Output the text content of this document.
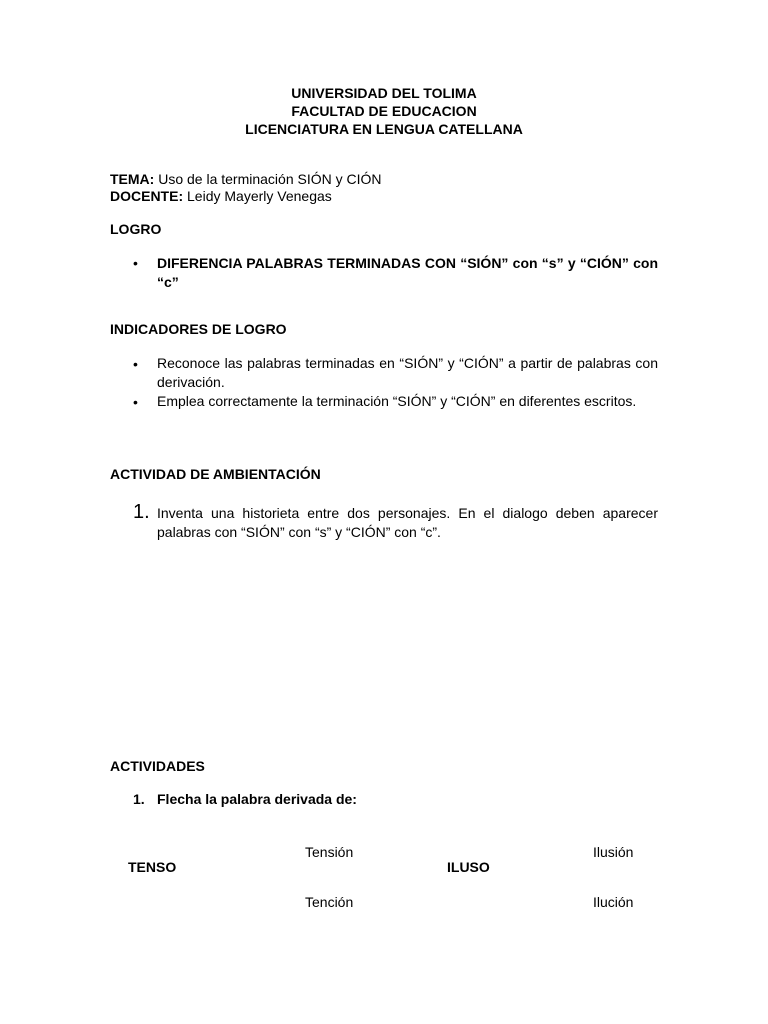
UNIVERSIDAD DEL TOLIMA
FACULTAD DE EDUCACION
LICENCIATURA EN LENGUA CATELLANA
TEMA: Uso de la terminación SIÓN y CIÓN
DOCENTE: Leidy Mayerly Venegas
LOGRO
• DIFERENCIA PALABRAS TERMINADAS CON “SIÓN” con “s” y “CIÓN” con “c”
INDICADORES DE LOGRO
• Reconoce las palabras terminadas en “SIÓN” y “CIÓN” a partir de palabras con derivación.
• Emplea correctamente la terminación “SIÓN” y “CIÓN” en diferentes escritos.
ACTIVIDAD DE AMBIENTACIÓN
1. Inventa una historieta entre dos personajes. En el dialogo deben aparecer palabras con “SIÓN” con “s” y “CIÓN” con “c”.
ACTIVIDADES
1. Flecha la palabra derivada de:
Tensión	Ilusión
TENSO	ILUSO
Tención	Ilución
